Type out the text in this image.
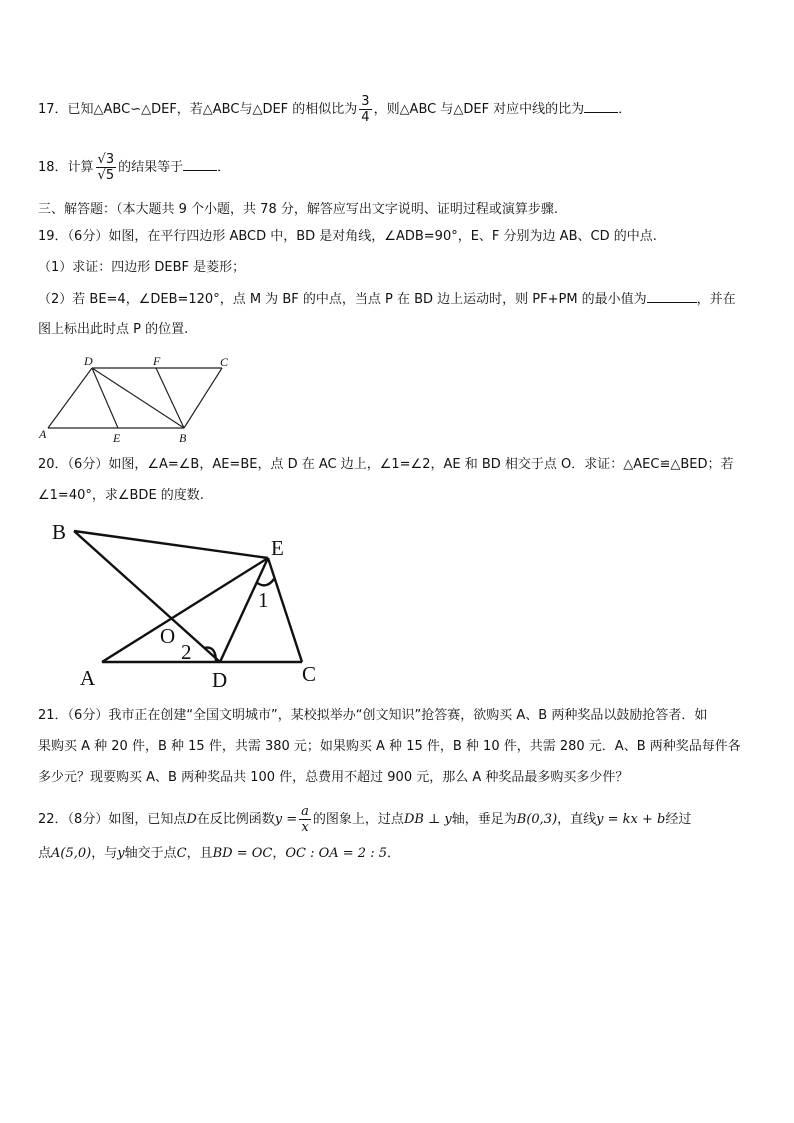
17．已知△ABC∽△DEF，若△ABC与△DEF 的相似比为 $\frac{3}{4}$ ，则△ABC 与△DEF 对应中线的比为	．
18．计算 $\frac{√3}{√5}$ 的结果等于	．
三、解答题：（本大题共 9 个小题，共 78 分，解答应写出文字说明、证明过程或演算步骤.
19．（6分）如图，在平行四边形 ABCD 中，BD 是对角线，∠ADB=90°，E、F 分别为边 AB、CD 的中点.
（1）求证：四边形 DEBF 是菱形；
（2）若 BE=4，∠DEB=120°，点 M 为 BF 的中点，当点 P 在 BD 边上运动时，则 PF+PM 的最小值为	，并在
图上标出此时点 P 的位置.
D	F	C
A	E	B
20．（6分）如图，∠A=∠B，AE=BE，点 D 在 AC 边上，∠1=∠2，AE 和 BD 相交于点 O．求证：△AEC≌△BED；若
∠1=40°，求∠BDE 的度数.
B
E
1
O
2
A	D	C
21．（6分）我市正在创建“全国文明城市”，某校拟举办“创文知识”抢答赛，欲购买 A、B 两种奖品以鼓励抢答者．如
果购买 A 种 20 件，B 种 15 件，共需 380 元；如果购买 A 种 15 件，B 种 10 件，共需 280 元．A、B 两种奖品每件各
多少元？现要购买 A、B 两种奖品共 100 件，总费用不超过 900 元，那么 A 种奖品最多购买多少件？
22．（8分）如图，已知点D在反比例函数$y = \frac{a}{x}$ 的图象上，过点DB ⊥ y轴，垂足为B(0,3)，直线y = kx + b经过
点A(5,0)，与y轴交于点C，且BD = OC，OC : OA = 2 : 5．
